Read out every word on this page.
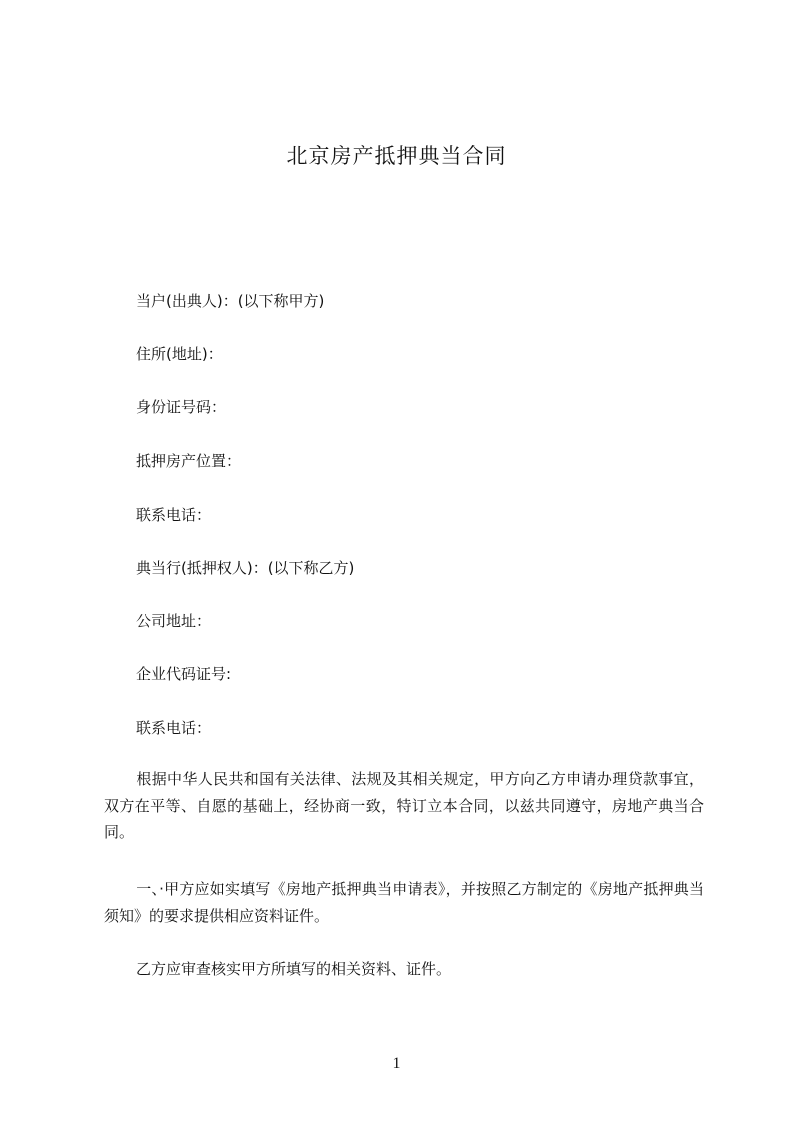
北京房产抵押典当合同
当户(出典人)：(以下称甲方)
住所(地址)：
身份证号码：
抵押房产位置：
联系电话：
典当行(抵押权人)：(以下称乙方)
公司地址：
企业代码证号:
联系电话：
根据中华人民共和国有关法律、法规及其相关规定，甲方向乙方申请办理贷款事宜，双方在平等、自愿的基础上，经协商一致，特订立本合同，以兹共同遵守，房地产典当合同。
一、·甲方应如实填写《房地产抵押典当申请表》，并按照乙方制定的《房地产抵押典当须知》的要求提供相应资料证件。
乙方应审查核实甲方所填写的相关资料、证件。
1
